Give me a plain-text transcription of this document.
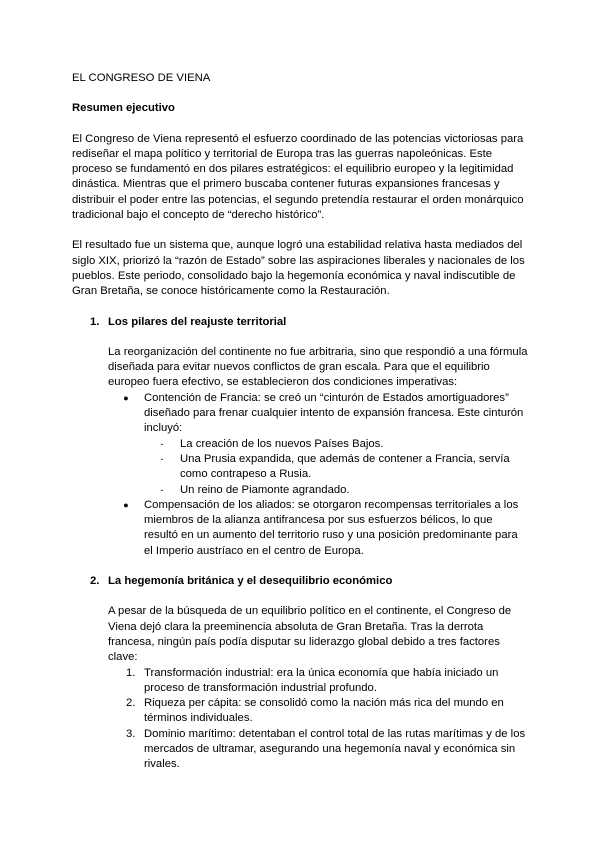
EL CONGRESO DE VIENA
Resumen ejecutivo

El Congreso de Viena representó el esfuerzo coordinado de las potencias victoriosas para rediseñar el mapa político y territorial de Europa tras las guerras napoleónicas. Este proceso se fundamentó en dos pilares estratégicos: el equilibrio europeo y la legitimidad dinástica. Mientras que el primero buscaba contener futuras expansiones francesas y distribuir el poder entre las potencias, el segundo pretendía restaurar el orden monárquico tradicional bajo el concepto de “derecho histórico”.

El resultado fue un sistema que, aunque logró una estabilidad relativa hasta mediados del siglo XIX, priorizó la “razón de Estado” sobre las aspiraciones liberales y nacionales de los pueblos. Este periodo, consolidado bajo la hegemonía económica y naval indiscutible de Gran Bretaña, se conoce históricamente como la Restauración.

1. Los pilares del reajuste territorial

La reorganización del continente no fue arbitraria, sino que respondió a una fórmula diseñada para evitar nuevos conflictos de gran escala. Para que el equilibrio europeo fuera efectivo, se establecieron dos condiciones imperativas:

●	Contención de Francia: se creó un “cinturón de Estados amortiguadores” diseñado para frenar cualquier intento de expansión francesa. Este cinturón incluyó:
-	La creación de los nuevos Países Bajos.
-	Una Prusia expandida, que además de contener a Francia, servía como contrapeso a Rusia.
-	Un reino de Piamonte agrandado.
●	Compensación de los aliados: se otorgaron recompensas territoriales a los miembros de la alianza antifrancesa por sus esfuerzos bélicos, lo que resultó en un aumento del territorio ruso y una posición predominante para el Imperio austríaco en el centro de Europa.
2. La hegemonía británica y el desequilibrio económico

A pesar de la búsqueda de un equilibrio político en el continente, el Congreso de Viena dejó clara la preeminencia absoluta de Gran Bretaña. Tras la derrota francesa, ningún país podía disputar su liderazgo global debido a tres factores clave:

1. Transformación industrial: era la única economía que había iniciado un proceso de transformación industrial profundo.
2. Riqueza per cápita: se consolidó como la nación más rica del mundo en términos individuales.
3. Dominio marítimo: detentaban el control total de las rutas marítimas y de los mercados de ultramar, asegurando una hegemonía naval y económica sin rivales.
